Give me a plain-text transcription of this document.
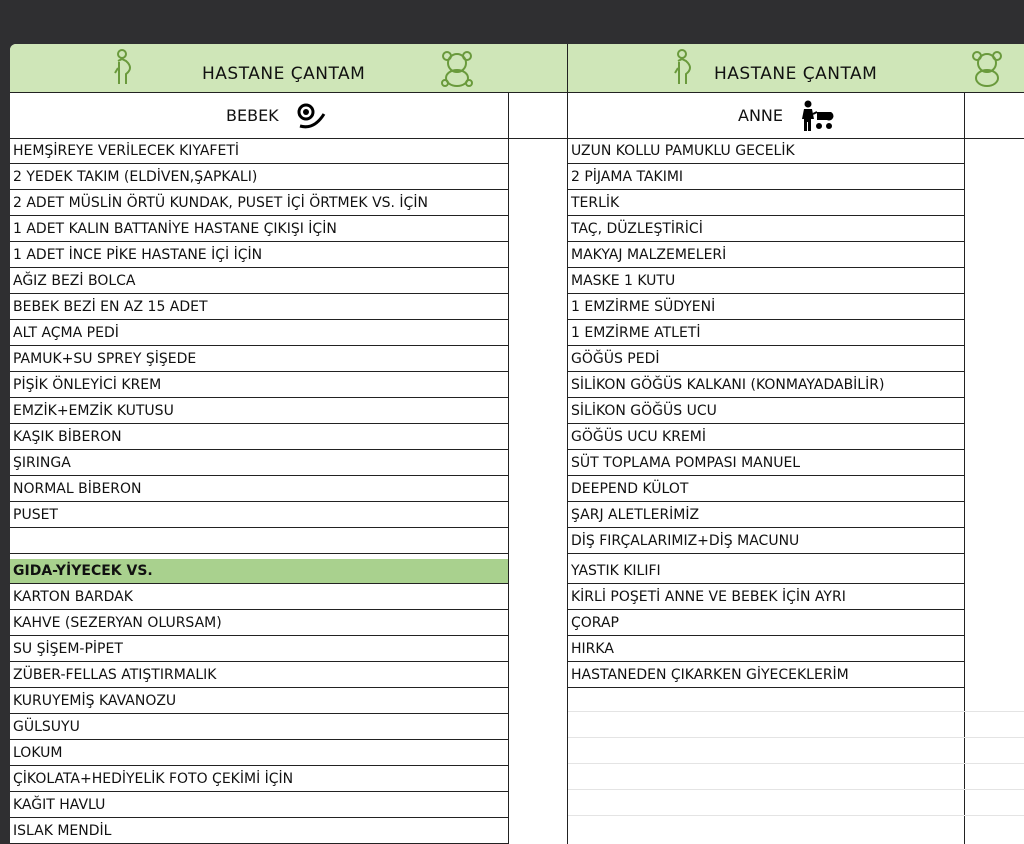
HASTANE ÇANTAM
BEBEK
HEMŞİREYE VERİLECEK KIYAFETİ
2 YEDEK TAKIM (ELDİVEN,ŞAPKALI)
2 ADET MÜSLİN ÖRTÜ KUNDAK, PUSET İÇİ ÖRTMEK VS. İÇİN
1 ADET KALIN BATTANİYE HASTANE ÇIKIŞI İÇİN
1 ADET İNCE PİKE HASTANE İÇİ İÇİN
AĞIZ BEZİ BOLCA
BEBEK BEZİ EN AZ 15 ADET
ALT AÇMA PEDİ
PAMUK+SU SPREY ŞİŞEDE
PİŞİK ÖNLEYİCİ KREM
EMZİK+EMZİK KUTUSU
KAŞIK BİBERON
ŞIRINGA
NORMAL BİBERON
PUSET
GIDA-YİYECEK VS.
KARTON BARDAK
KAHVE (SEZERYAN OLURSAM)
SU ŞİŞEM-PİPET
ZÜBER-FELLAS ATIŞTIRMALIK
KURUYEMİŞ KAVANOZU
GÜLSUYU
LOKUM
ÇİKOLATA+HEDİYELİK FOTO ÇEKİMİ İÇİN
KAĞIT HAVLU
ISLAK MENDİL
HASTANE ÇANTAM
ANNE
UZUN KOLLU PAMUKLU GECELİK
2 PİJAMA TAKIMI
TERLİK
TAÇ, DÜZLEŞTİRİCİ
MAKYAJ MALZEMELERİ
MASKE 1 KUTU
1 EMZİRME SÜDYENİ
1 EMZİRME ATLETİ
GÖĞÜS PEDİ
SİLİKON GÖĞÜS KALKANI (KONMAYADABİLİR)
SİLİKON GÖĞÜS UCU
GÖĞÜS UCU KREMİ
SÜT TOPLAMA POMPASI MANUEL
DEEPEND KÜLOT
ŞARJ ALETLERİMİZ
DİŞ FIRÇALARIMIZ+DİŞ MACUNU
YASTIK KILIFI
KİRLİ POŞETİ ANNE VE BEBEK İÇİN AYRI
ÇORAP
HIRKA
HASTANEDEN ÇIKARKEN GİYECEKLERİM
